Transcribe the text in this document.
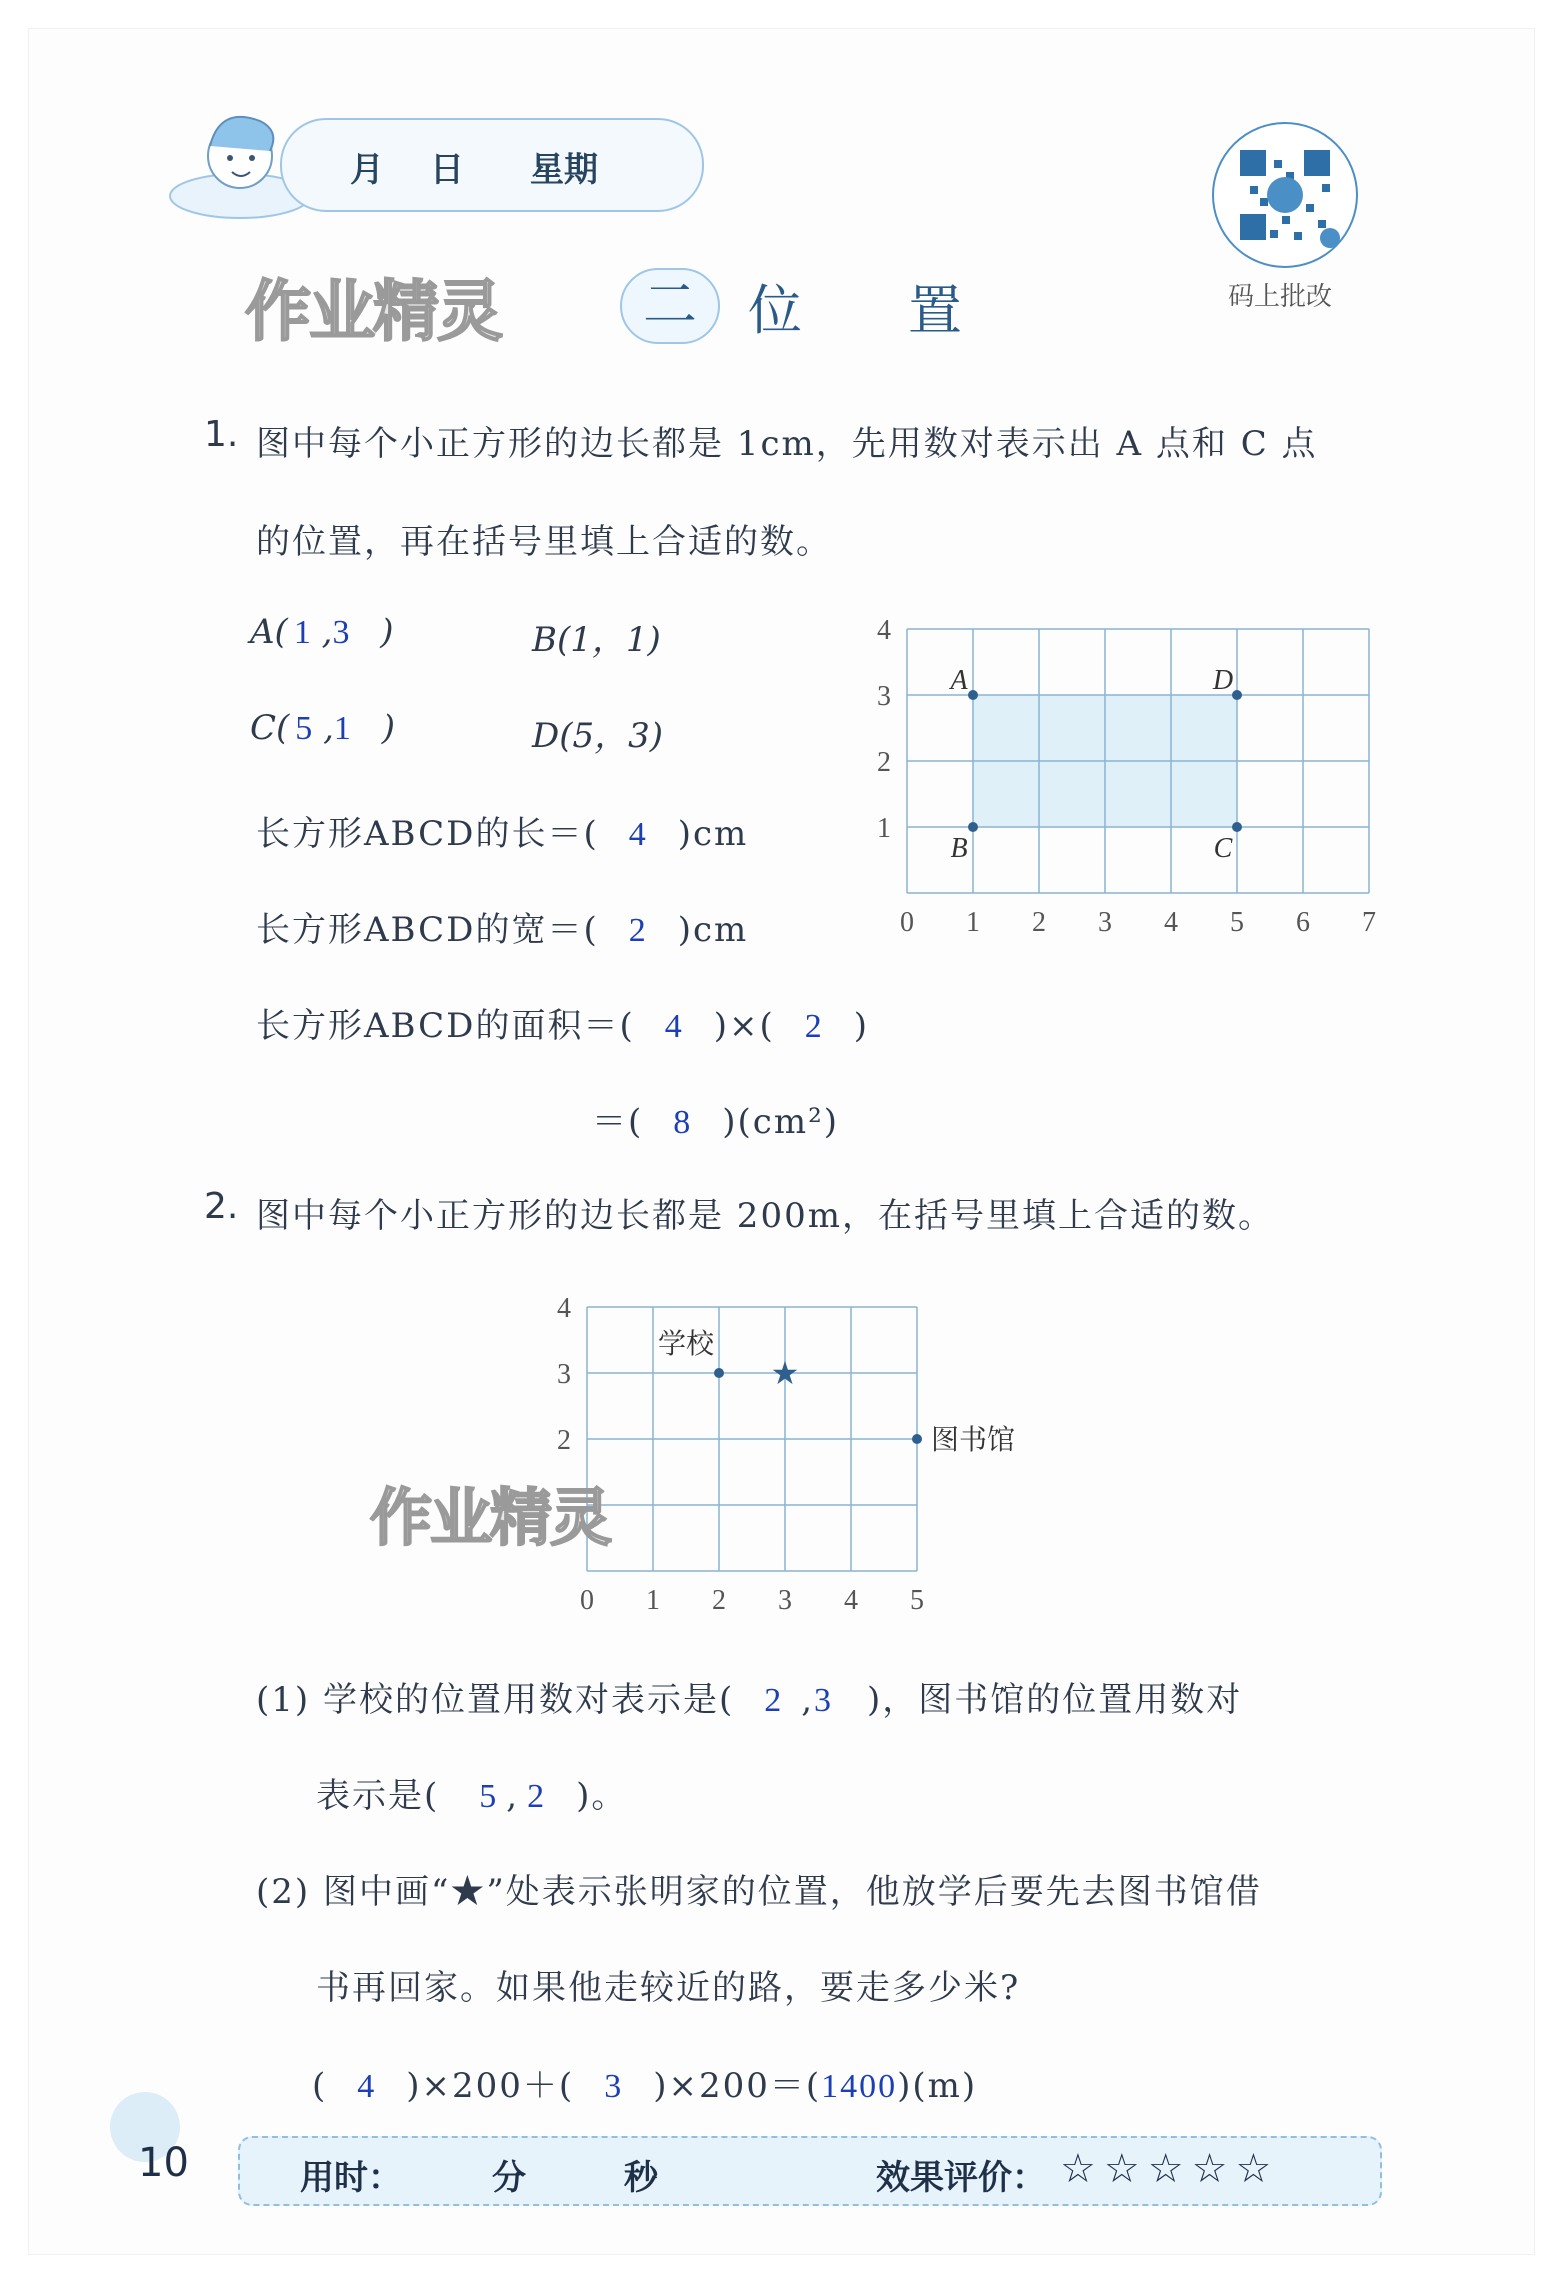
月 日 星期
码上批改
作业精灵	二 位 置
1. 图中每个小正方形的边长都是 1cm，先用数对表示出 A 点和 C 点
的位置，再在括号里填上合适的数。
A( 1 ,3 )	B(1，1)
C( 5 ,1 )	D(5，3)
长方形ABCD的长＝( 4 )cm
长方形ABCD的宽＝( 2 )cm
长方形ABCD的面积＝( 4 )×( 2 )
＝( 8 )(cm²)
0 1 2 3 4 5 6 7
1
2
3
4
A
B	C
D
2. 图中每个小正方形的边长都是 200m，在括号里填上合适的数。
0 1 2 3 4 5
2
3
4
学校
★
图书馆
作业精灵
(1) 学校的位置用数对表示是( 2 ,3 )，图书馆的位置用数对
表示是( 5 , 2 )。
(2) 图中画“★”处表示张明家的位置，他放学后要先去图书馆借
书再回家。如果他走较近的路，要走多少米?
( 4 )×200＋( 3 )×200＝(1400)(m)
10	用时：	分	秒	效果评价： ☆☆☆☆☆
